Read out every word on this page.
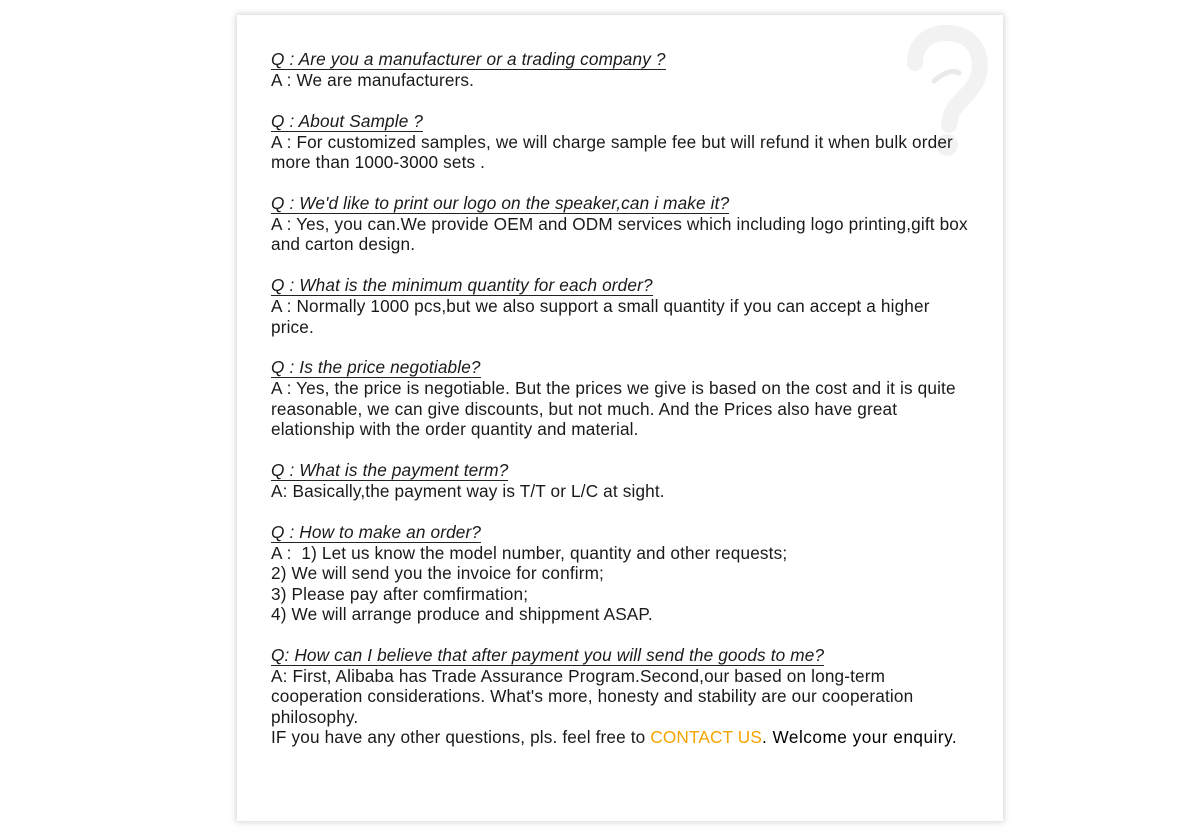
Q : Are you a manufacturer or a trading company ?

A : We are manufacturers.

Q : About Sample ?

A : For customized samples, we will charge sample fee but will refund it when bulk order more than 1000-3000 sets .

Q : We'd like to print our logo on the speaker,can i make it?

A : Yes, you can.We provide OEM and ODM services which including logo printing,gift box and carton design.

Q : What is the minimum quantity for each order?

A : Normally 1000 pcs,but we also support a small quantity if you can accept a higher price.

Q : Is the price negotiable?

A : Yes, the price is negotiable. But the prices we give is based on the cost and it is quite reasonable, we can give discounts, but not much. And the Prices also have great elationship with the order quantity and material.

Q : What is the payment term?

A: Basically,the payment way is T/T or L/C at sight.

Q : How to make an order?

A :  1) Let us know the model number, quantity and other requests;

2) We will send you the invoice for confirm;

3) Please pay after comfirmation;

4) We will arrange produce and shippment ASAP.

Q: How can I believe that after payment you will send the goods to me?

A: First, Alibaba has Trade Assurance Program.Second,our based on long-term cooperation considerations. What's more, honesty and stability are our cooperation philosophy.

IF you have any other questions, pls. feel free to CONTACT US. Welcome your enquiry.
